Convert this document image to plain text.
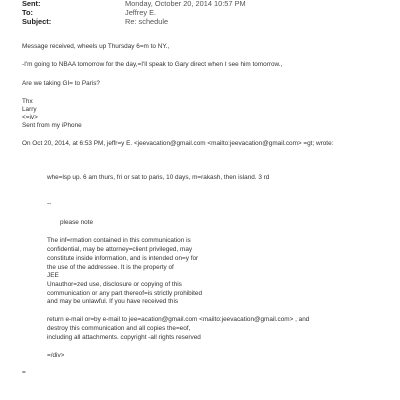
Sent:	Monday, October 20, 2014 10:57 PM
To:	Jeffrey E.
Subject:	Re: schedule
Message received, wheels up Thursday 6=m to NY.,
-I'm going to NBAA tomorrow for the day,=I'll speak to Gary direct when I see him tomorrow.,
Are we taking GI= to Paris?
Thx
Larry
<=iv>
Sent from my iPhone
On Oct 20, 2014, at 6:53 PM, jeffr=y E. <jeevacation@gmail.com <mailto:jeevacation@gmail.com> =gt; wrote:
whe=lsp up. 6 am thurs, fri or sat to paris, 10 days, m=rakash, then island. 3 rd
--
please note
The inf=rmation contained in this communication is
confidential, may be attorney=client privileged, may
constitute inside information, and is intended on=y for
the use of the addressee. It is the property of
JEE
Unauthor=zed use, disclosure or copying of this
communication or any part thereof=is strictly prohibited
and may be unlawful. If you have received this
return e-mail or=by e-mail to jee=acation@gmail.com <mailto:jeevacation@gmail.com> , and
destroy this communication and all copies the=eof,
including all attachments. copyright -all rights reserved
=/div>
=
